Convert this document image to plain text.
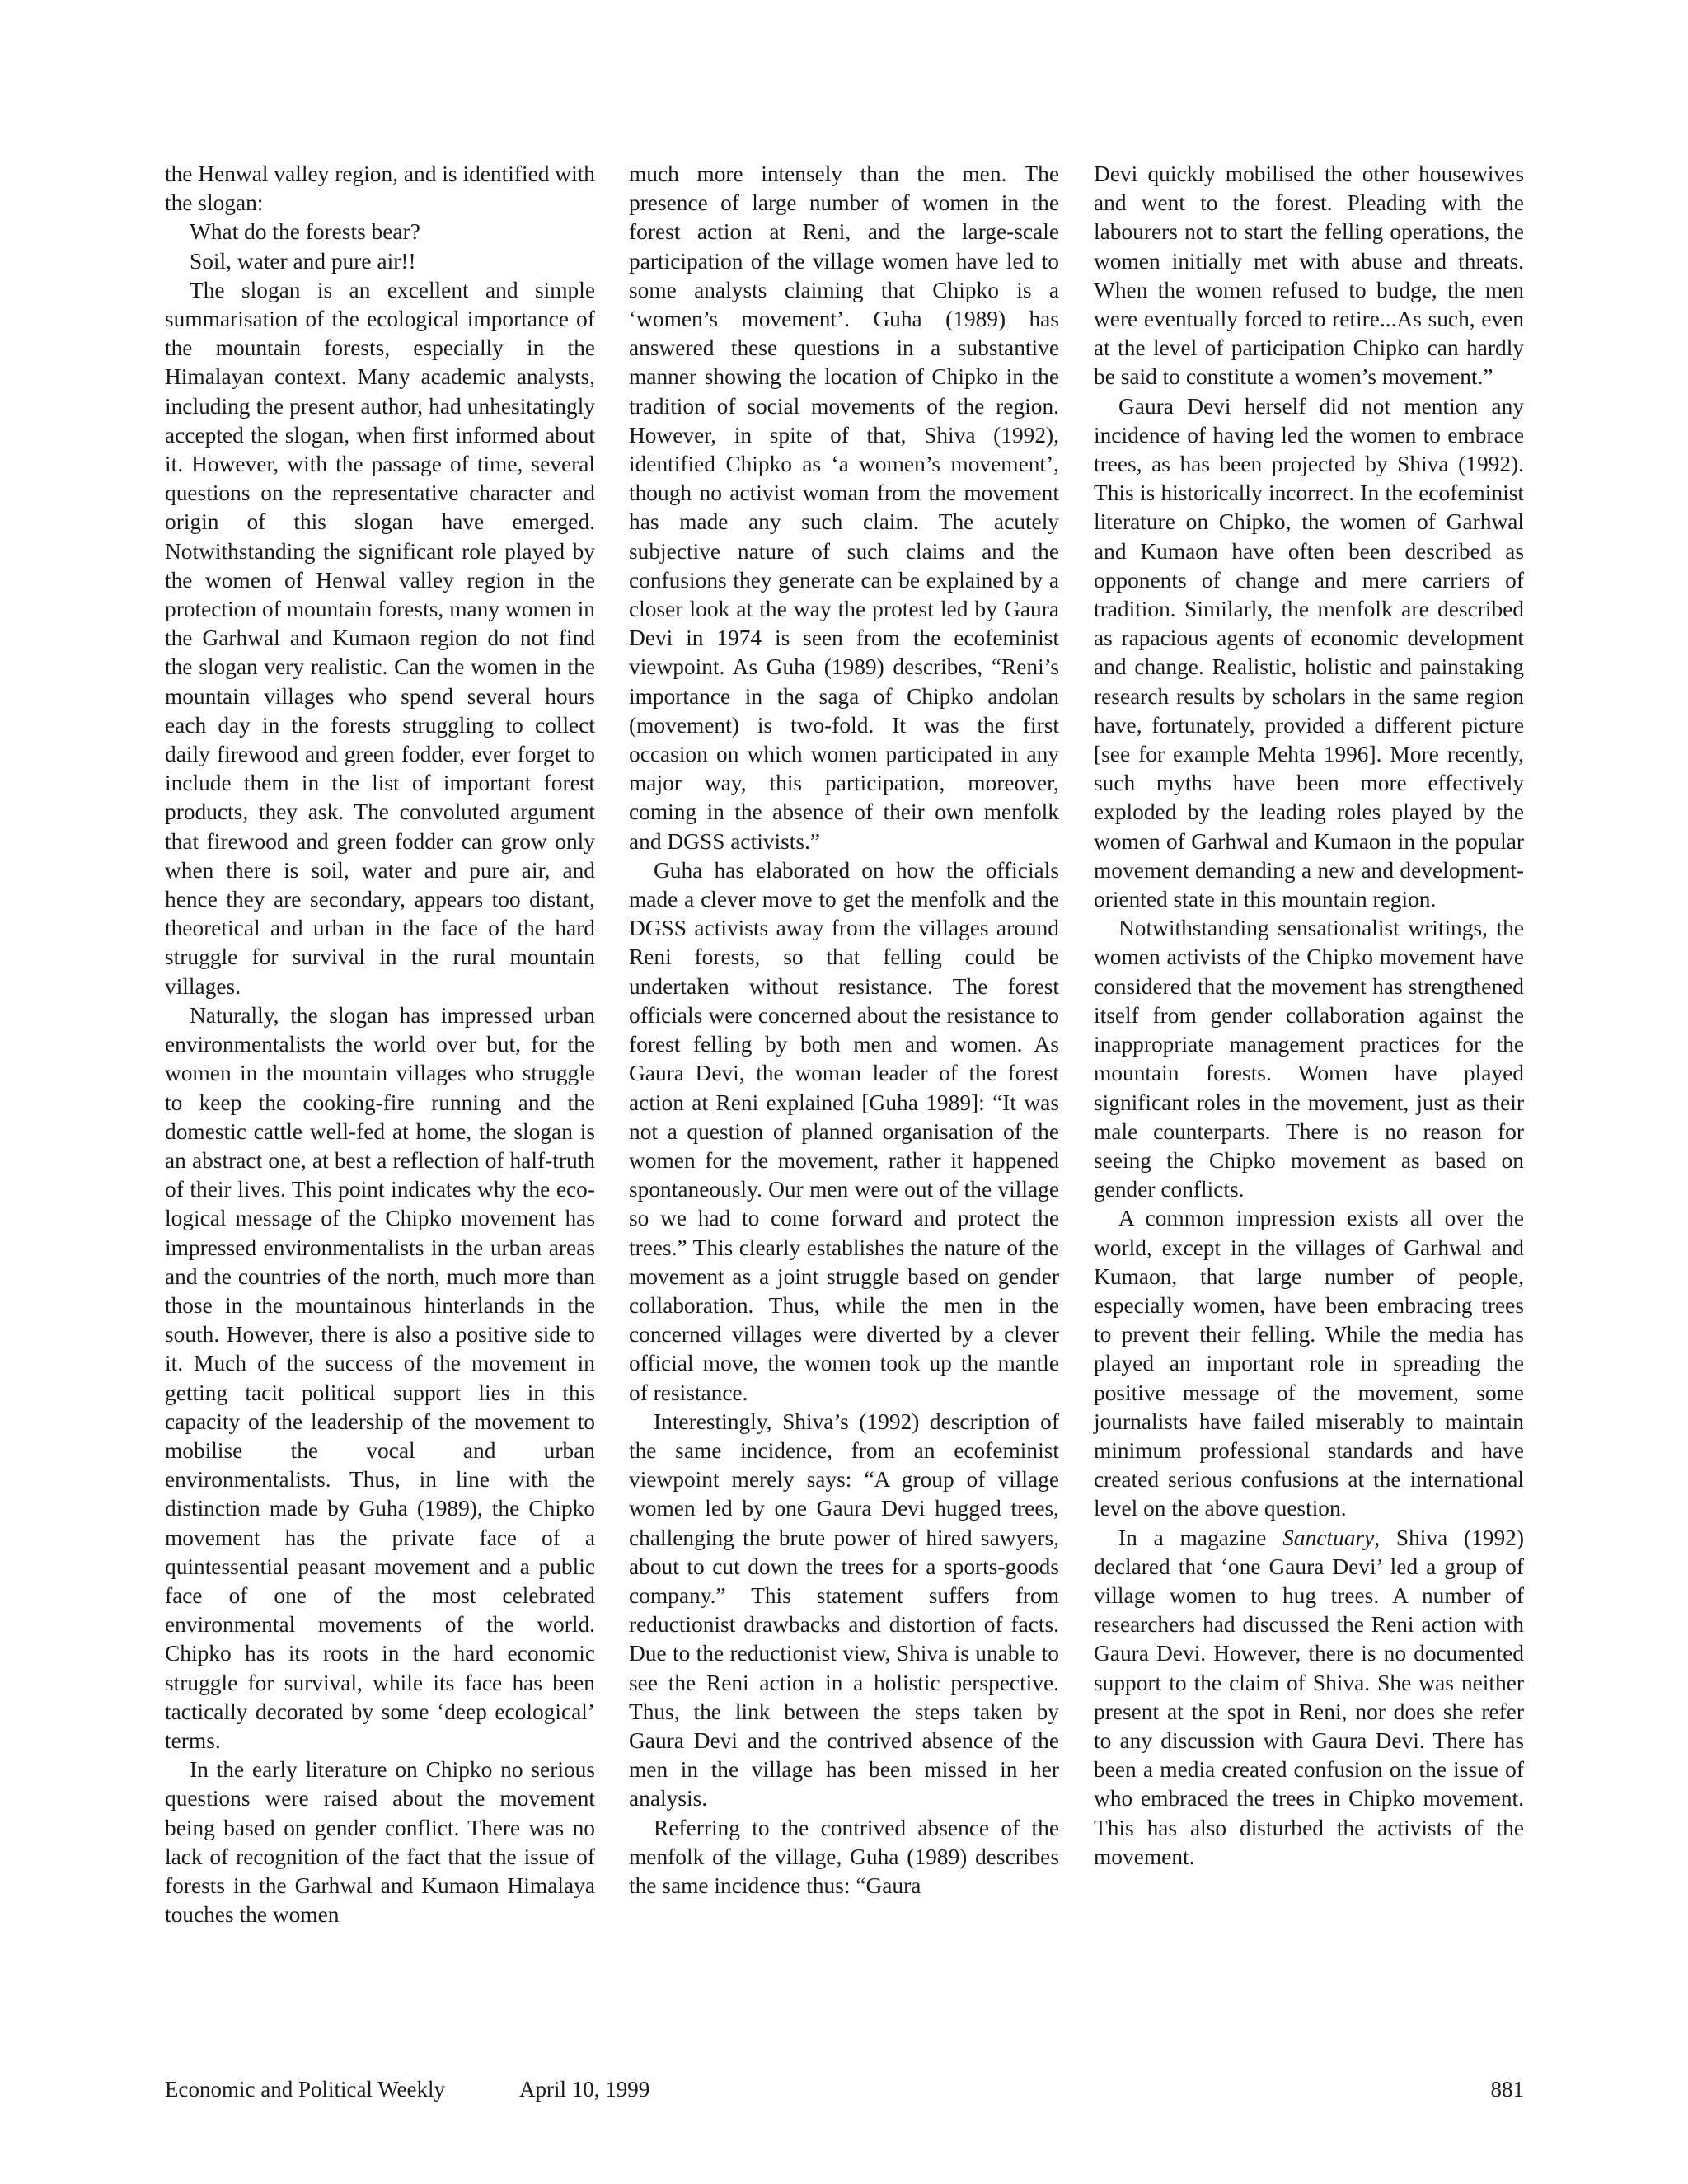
the Henwal valley region, and is identified with the slogan:

What do the forests bear?

Soil, water and pure air!!

The slogan is an excellent and simple summarisation of the ecological importance of the mountain forests, especially in the Himalayan context. Many academic analysts, including the present author, had unhesitatingly accepted the slogan, when first informed about it. However, with the passage of time, several questions on the representative character and origin of this slogan have emerged. Notwithstanding the significant role played by the women of Henwal valley region in the protection of mountain forests, many women in the Garhwal and Kumaon region do not find the slogan very realistic. Can the women in the mountain villages who spend several hours each day in the forests struggling to collect daily firewood and green fodder, ever forget to include them in the list of important forest products, they ask. The convoluted argument that firewood and green fodder can grow only when there is soil, water and pure air, and hence they are secondary, appears too distant, theoretical and urban in the face of the hard struggle for survival in the rural mountain villages.

Naturally, the slogan has impressed urban environmentalists the world over but, for the women in the mountain villages who struggle to keep the cooking-fire running and the domestic cattle well-fed at home, the slogan is an abstract one, at best a reflection of half-truth of their lives. This point indicates why the ecological message of the Chipko movement has impressed environmentalists in the urban areas and the countries of the north, much more than those in the mountainous hinterlands in the south. However, there is also a positive side to it. Much of the success of the movement in getting tacit political support lies in this capacity of the leadership of the movement to mobilise the vocal and urban environmentalists. Thus, in line with the distinction made by Guha (1989), the Chipko movement has the private face of a quintessential peasant movement and a public face of one of the most celebrated environmental movements of the world. Chipko has its roots in the hard economic struggle for survival, while its face has been tactically decorated by some ‘deep ecological’ terms.

In the early literature on Chipko no serious questions were raised about the movement being based on gender conflict. There was no lack of recognition of the fact that the issue of forests in the Garhwal and Kumaon Himalaya touches the women

much more intensely than the men. The presence of large number of women in the forest action at Reni, and the large-scale participation of the village women have led to some analysts claiming that Chipko is a ‘women’s movement’. Guha (1989) has answered these questions in a substantive manner showing the location of Chipko in the tradition of social movements of the region. However, in spite of that, Shiva (1992), identified Chipko as ‘a women’s movement’, though no activist woman from the movement has made any such claim. The acutely subjective nature of such claims and the confusions they generate can be explained by a closer look at the way the protest led by Gaura Devi in 1974 is seen from the ecofeminist viewpoint. As Guha (1989) describes, “Reni’s importance in the saga of Chipko andolan (movement) is two-fold. It was the first occasion on which women participated in any major way, this participation, moreover, coming in the absence of their own menfolk and DGSS activists.”

Guha has elaborated on how the officials made a clever move to get the menfolk and the DGSS activists away from the villages around Reni forests, so that felling could be undertaken without resistance. The forest officials were concerned about the resistance to forest felling by both men and women. As Gaura Devi, the woman leader of the forest action at Reni explained [Guha 1989]: “It was not a question of planned organisation of the women for the movement, rather it happened spontaneously. Our men were out of the village so we had to come forward and protect the trees.” This clearly establishes the nature of the movement as a joint struggle based on gender collaboration. Thus, while the men in the concerned villages were diverted by a clever official move, the women took up the mantle of resistance.

Interestingly, Shiva’s (1992) description of the same incidence, from an ecofeminist viewpoint merely says: “A group of village women led by one Gaura Devi hugged trees, challenging the brute power of hired sawyers, about to cut down the trees for a sports-goods company.” This statement suffers from reductionist drawbacks and distortion of facts. Due to the reductionist view, Shiva is unable to see the Reni action in a holistic perspective. Thus, the link between the steps taken by Gaura Devi and the contrived absence of the men in the village has been missed in her analysis.

Referring to the contrived absence of the menfolk of the village, Guha (1989) describes the same incidence thus: “Gaura

Devi quickly mobilised the other housewives and went to the forest. Pleading with the labourers not to start the felling operations, the women initially met with abuse and threats. When the women refused to budge, the men were eventually forced to retire...As such, even at the level of participation Chipko can hardly be said to constitute a women’s movement.”

Gaura Devi herself did not mention any incidence of having led the women to embrace trees, as has been projected by Shiva (1992). This is historically incorrect. In the ecofeminist literature on Chipko, the women of Garhwal and Kumaon have often been described as opponents of change and mere carriers of tradition. Similarly, the menfolk are described as rapacious agents of economic development and change. Realistic, holistic and painstaking research results by scholars in the same region have, fortunately, provided a different picture [see for example Mehta 1996]. More recently, such myths have been more effectively exploded by the leading roles played by the women of Garhwal and Kumaon in the popular movement demanding a new and development-oriented state in this mountain region.

Notwithstanding sensationalist writings, the women activists of the Chipko movement have considered that the movement has strengthened itself from gender collaboration against the inappropriate management practices for the mountain forests. Women have played significant roles in the movement, just as their male counterparts. There is no reason for seeing the Chipko movement as based on gender conflicts.

A common impression exists all over the world, except in the villages of Garhwal and Kumaon, that large number of people, especially women, have been embracing trees to prevent their felling. While the media has played an important role in spreading the positive message of the movement, some journalists have failed miserably to maintain minimum professional standards and have created serious confusions at the international level on the above question.

In a magazine Sanctuary, Shiva (1992) declared that ‘one Gaura Devi’ led a group of village women to hug trees. A number of researchers had discussed the Reni action with Gaura Devi. However, there is no documented support to the claim of Shiva. She was neither present at the spot in Reni, nor does she refer to any discussion with Gaura Devi. There has been a media created confusion on the issue of who embraced the trees in Chipko movement. This has also disturbed the activists of the movement.

Economic and Political Weekly	April 10, 1999	881
